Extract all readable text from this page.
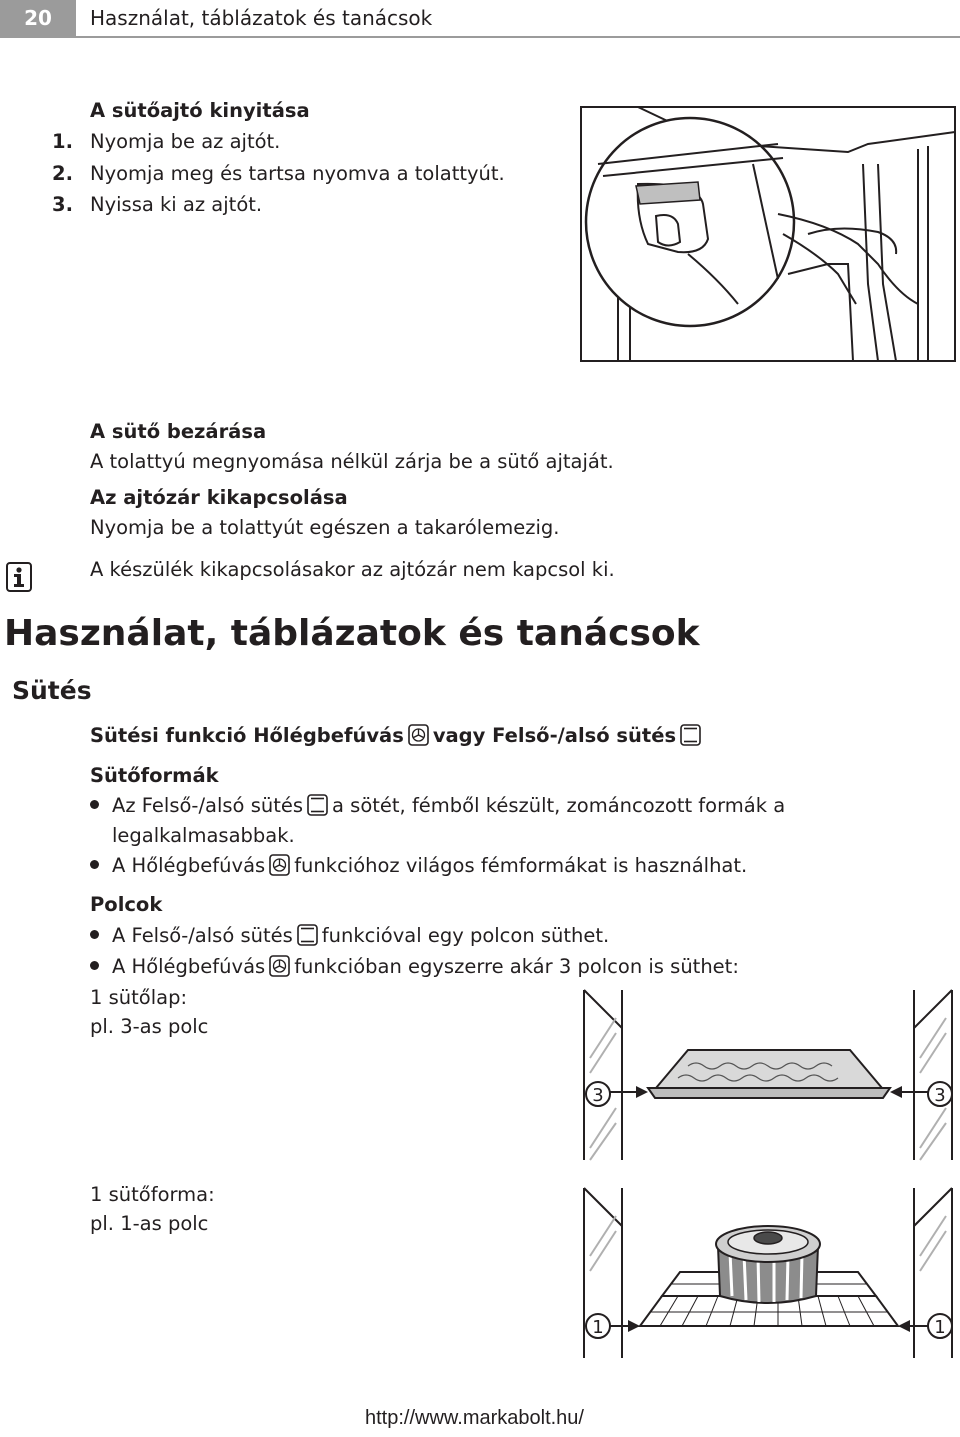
20	Használat, táblázatok és tanácsok
A sütőajtó kinyitása
1. Nyomja be az ajtót.
2. Nyomja meg és tartsa nyomva a tolattyút.
3. Nyissa ki az ajtót.
A sütő bezárása
A tolattyú megnyomása nélkül zárja be a sütő ajtaját.
Az ajtózár kikapcsolása
Nyomja be a tolattyút egészen a takarólemezig.
A készülék kikapcsolásakor az ajtózár nem kapcsol ki.
Használat, táblázatok és tanácsok
Sütés
Sütési funkció Hőlégbefúvás vagy Felső-/alsó sütés
Sütőformák
Az Felső-/alsó sütés a sötét, fémből készült, zománcozott formák a
legalkalmasabbak.
A Hőlégbefúvás funkcióhoz világos fémformákat is használhat.
Polcok
A Felső-/alsó sütés funkcióval egy polcon süthet.
A Hőlégbefúvás funkcióban egyszerre akár 3 polcon is süthet:
1 sütőlap:
pl. 3-as polc
3	3
1 sütőforma:
pl. 1-as polc
1	1
http://www.markabolt.hu/
